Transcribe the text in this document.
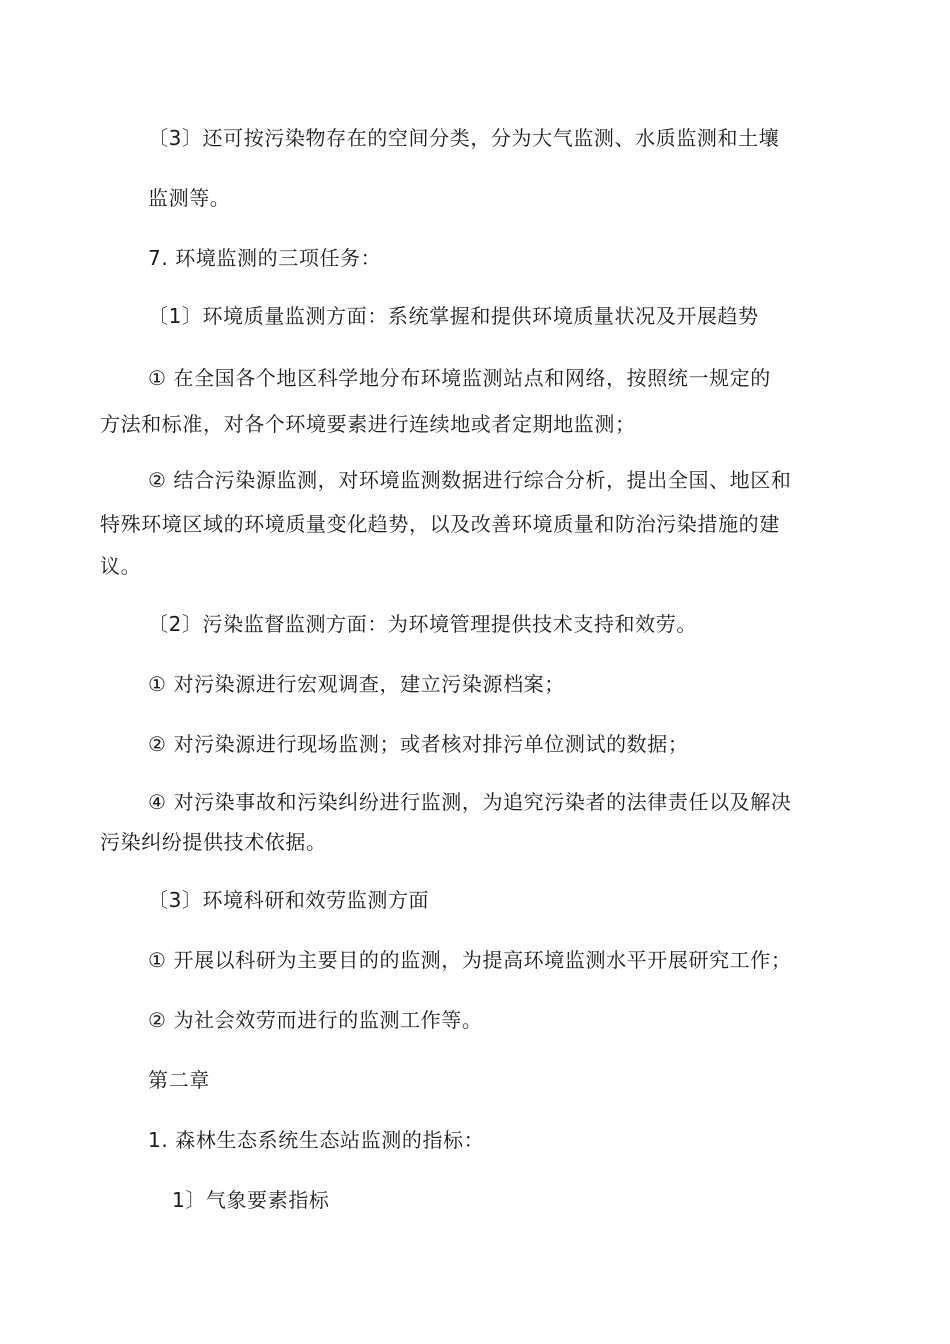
〔3〕还可按污染物存在的空间分类，分为大气监测、水质监测和土壤
监测等。
7. 环境监测的三项任务：
〔1〕环境质量监测方面：系统掌握和提供环境质量状况及开展趋势
① 在全国各个地区科学地分布环境监测站点和网络，按照统一规定的
方法和标准，对各个环境要素进行连续地或者定期地监测；
② 结合污染源监测，对环境监测数据进行综合分析，提出全国、地区和
特殊环境区域的环境质量变化趋势，以及改善环境质量和防治污染措施的建
议。
〔2〕污染监督监测方面：为环境管理提供技术支持和效劳。
① 对污染源进行宏观调查，建立污染源档案；
② 对污染源进行现场监测；或者核对排污单位测试的数据；
④ 对污染事故和污染纠纷进行监测，为追究污染者的法律责任以及解决
污染纠纷提供技术依据。
〔3〕环境科研和效劳监测方面
① 开展以科研为主要目的的监测，为提高环境监测水平开展研究工作；
② 为社会效劳而进行的监测工作等。
第二章
1. 森林生态系统生态站监测的指标：
1〕气象要素指标
